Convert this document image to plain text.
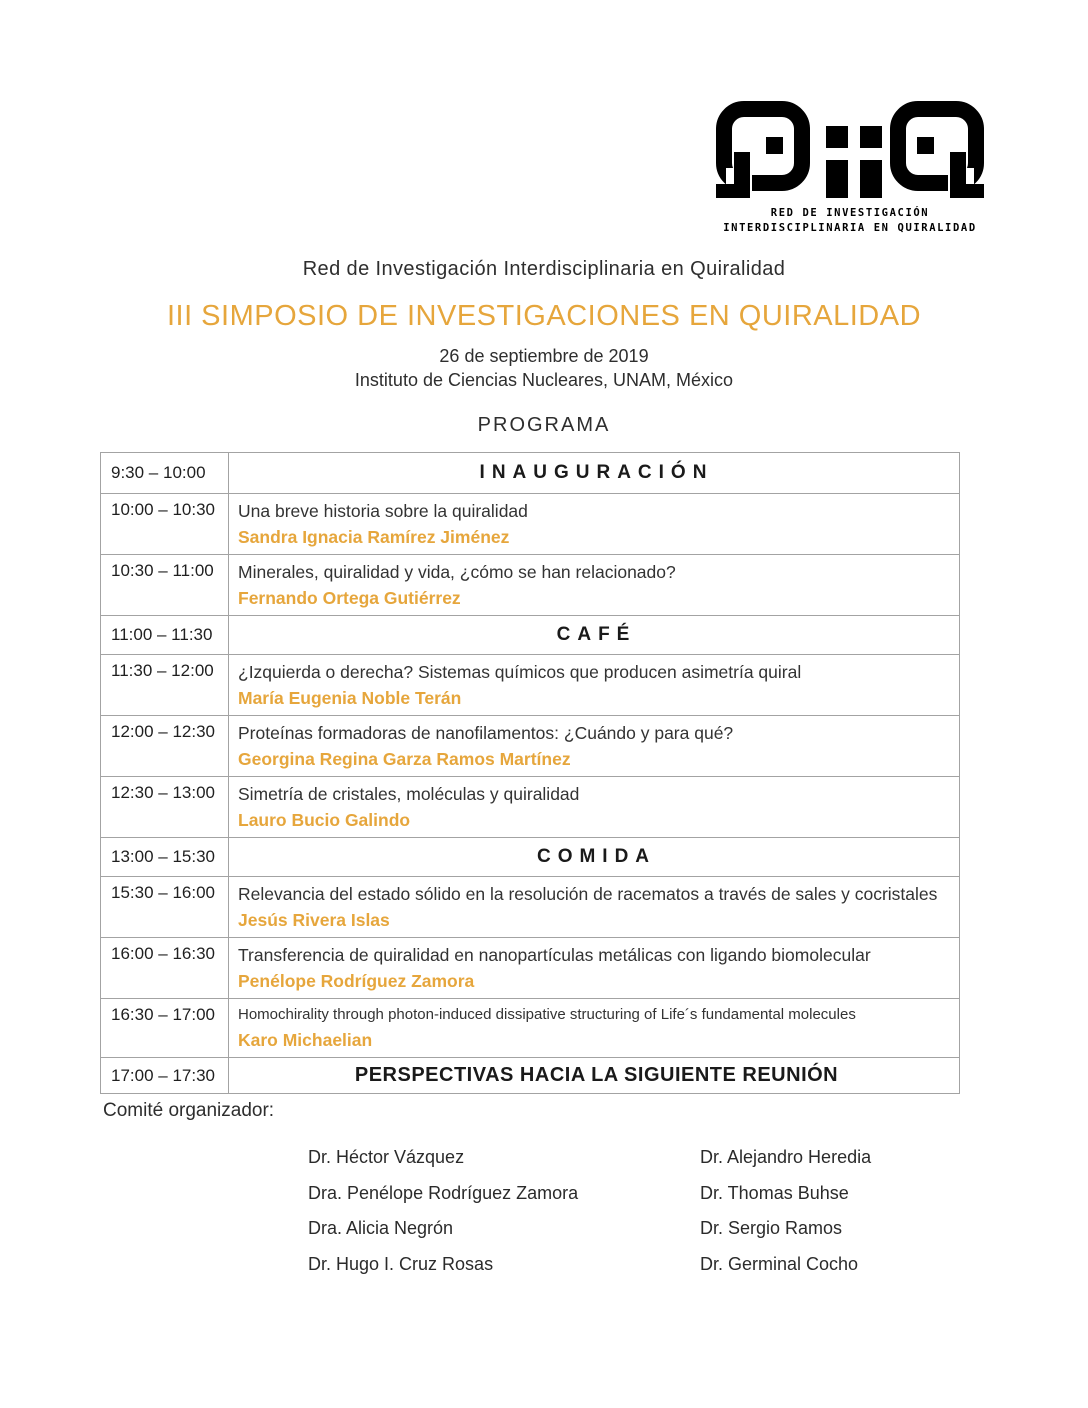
RED DE INVESTIGACIÓN
INTERDISCIPLINARIA EN QUIRALIDAD
Red de Investigación Interdisciplinaria en Quiralidad
III SIMPOSIO DE INVESTIGACIONES EN QUIRALIDAD
26 de septiembre de 2019
Instituto de Ciencias Nucleares, UNAM, México
PROGRAMA
9:30 – 10:00	INAUGURACIÓN
10:00 – 10:30	Una breve historia sobre la quiralidad
Sandra Ignacia Ramírez Jiménez
10:30 – 11:00	Minerales, quiralidad y vida, ¿cómo se han relacionado?
Fernando Ortega Gutiérrez
11:00 – 11:30	CAFÉ
11:30 – 12:00	¿Izquierda o derecha? Sistemas químicos que producen asimetría quiral
María Eugenia Noble Terán
12:00 – 12:30	Proteínas formadoras de nanofilamentos: ¿Cuándo y para qué?
Georgina Regina Garza Ramos Martínez
12:30 – 13:00	Simetría de cristales, moléculas y quiralidad
Lauro Bucio Galindo
13:00 – 15:30	COMIDA
15:30 – 16:00	Relevancia del estado sólido en la resolución de racematos a través de sales y cocristales
Jesús Rivera Islas
16:00 – 16:30	Transferencia de quiralidad en nanopartículas metálicas con ligando biomolecular
Penélope Rodríguez Zamora
16:30 – 17:00	Homochirality through photon-induced dissipative structuring of Life´s fundamental molecules
Karo Michaelian
17:00 – 17:30	PERSPECTIVAS HACIA LA SIGUIENTE REUNIÓN
Comité organizador:
Dr. Héctor Vázquez
Dra. Penélope Rodríguez Zamora
Dra. Alicia Negrón
Dr. Hugo I. Cruz Rosas
Dr. Alejandro Heredia
Dr. Thomas Buhse
Dr. Sergio Ramos
Dr. Germinal Cocho
